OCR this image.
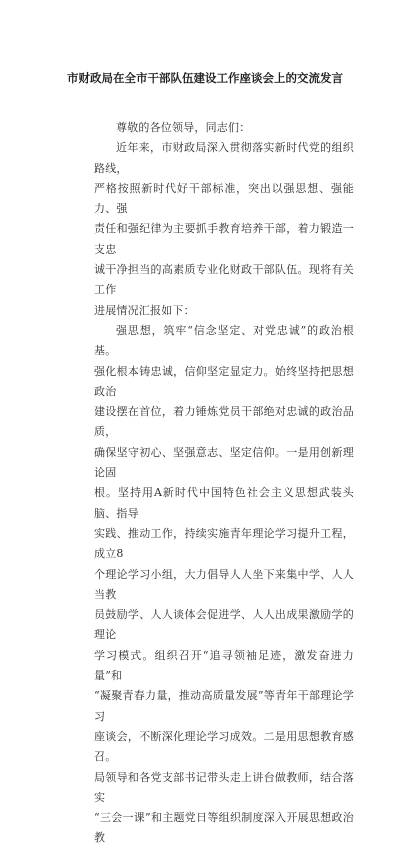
市财政局在全市干部队伍建设工作座谈会上的交流发言

尊敬的各位领导，同志们：

近年来，市财政局深入贯彻落实新时代党的组织路线，

严格按照新时代好干部标准，突出以强思想、强能力、强

责任和强纪律为主要抓手教育培养干部，着力锻造一支忠

诚干净担当的高素质专业化财政干部队伍。现将有关工作

进展情况汇报如下：

强思想，筑牢“信念坚定、对党忠诚”的政治根基。

强化根本铸忠诚，信仰坚定显定力。始终坚持把思想政治

建设摆在首位，着力锤炼党员干部绝对忠诚的政治品质，

确保坚守初心、坚强意志、坚定信仰。一是用创新理论固

根。坚持用A新时代中国特色社会主义思想武装头脑、指导

实践、推动工作，持续实施青年理论学习提升工程，成立8

个理论学习小组，大力倡导人人坐下来集中学、人人当教

员鼓励学、人人谈体会促进学、人人出成果激励学的理论

学习模式。组织召开“追寻领袖足迹，激发奋进力量”和

“凝聚青春力量，推动高质量发展”等青年干部理论学习

座谈会，不断深化理论学习成效。二是用思想教育感召。

局领导和各党支部书记带头走上讲台做教师，结合落实

“三会一课”和主题党日等组织制度深入开展思想政治教
